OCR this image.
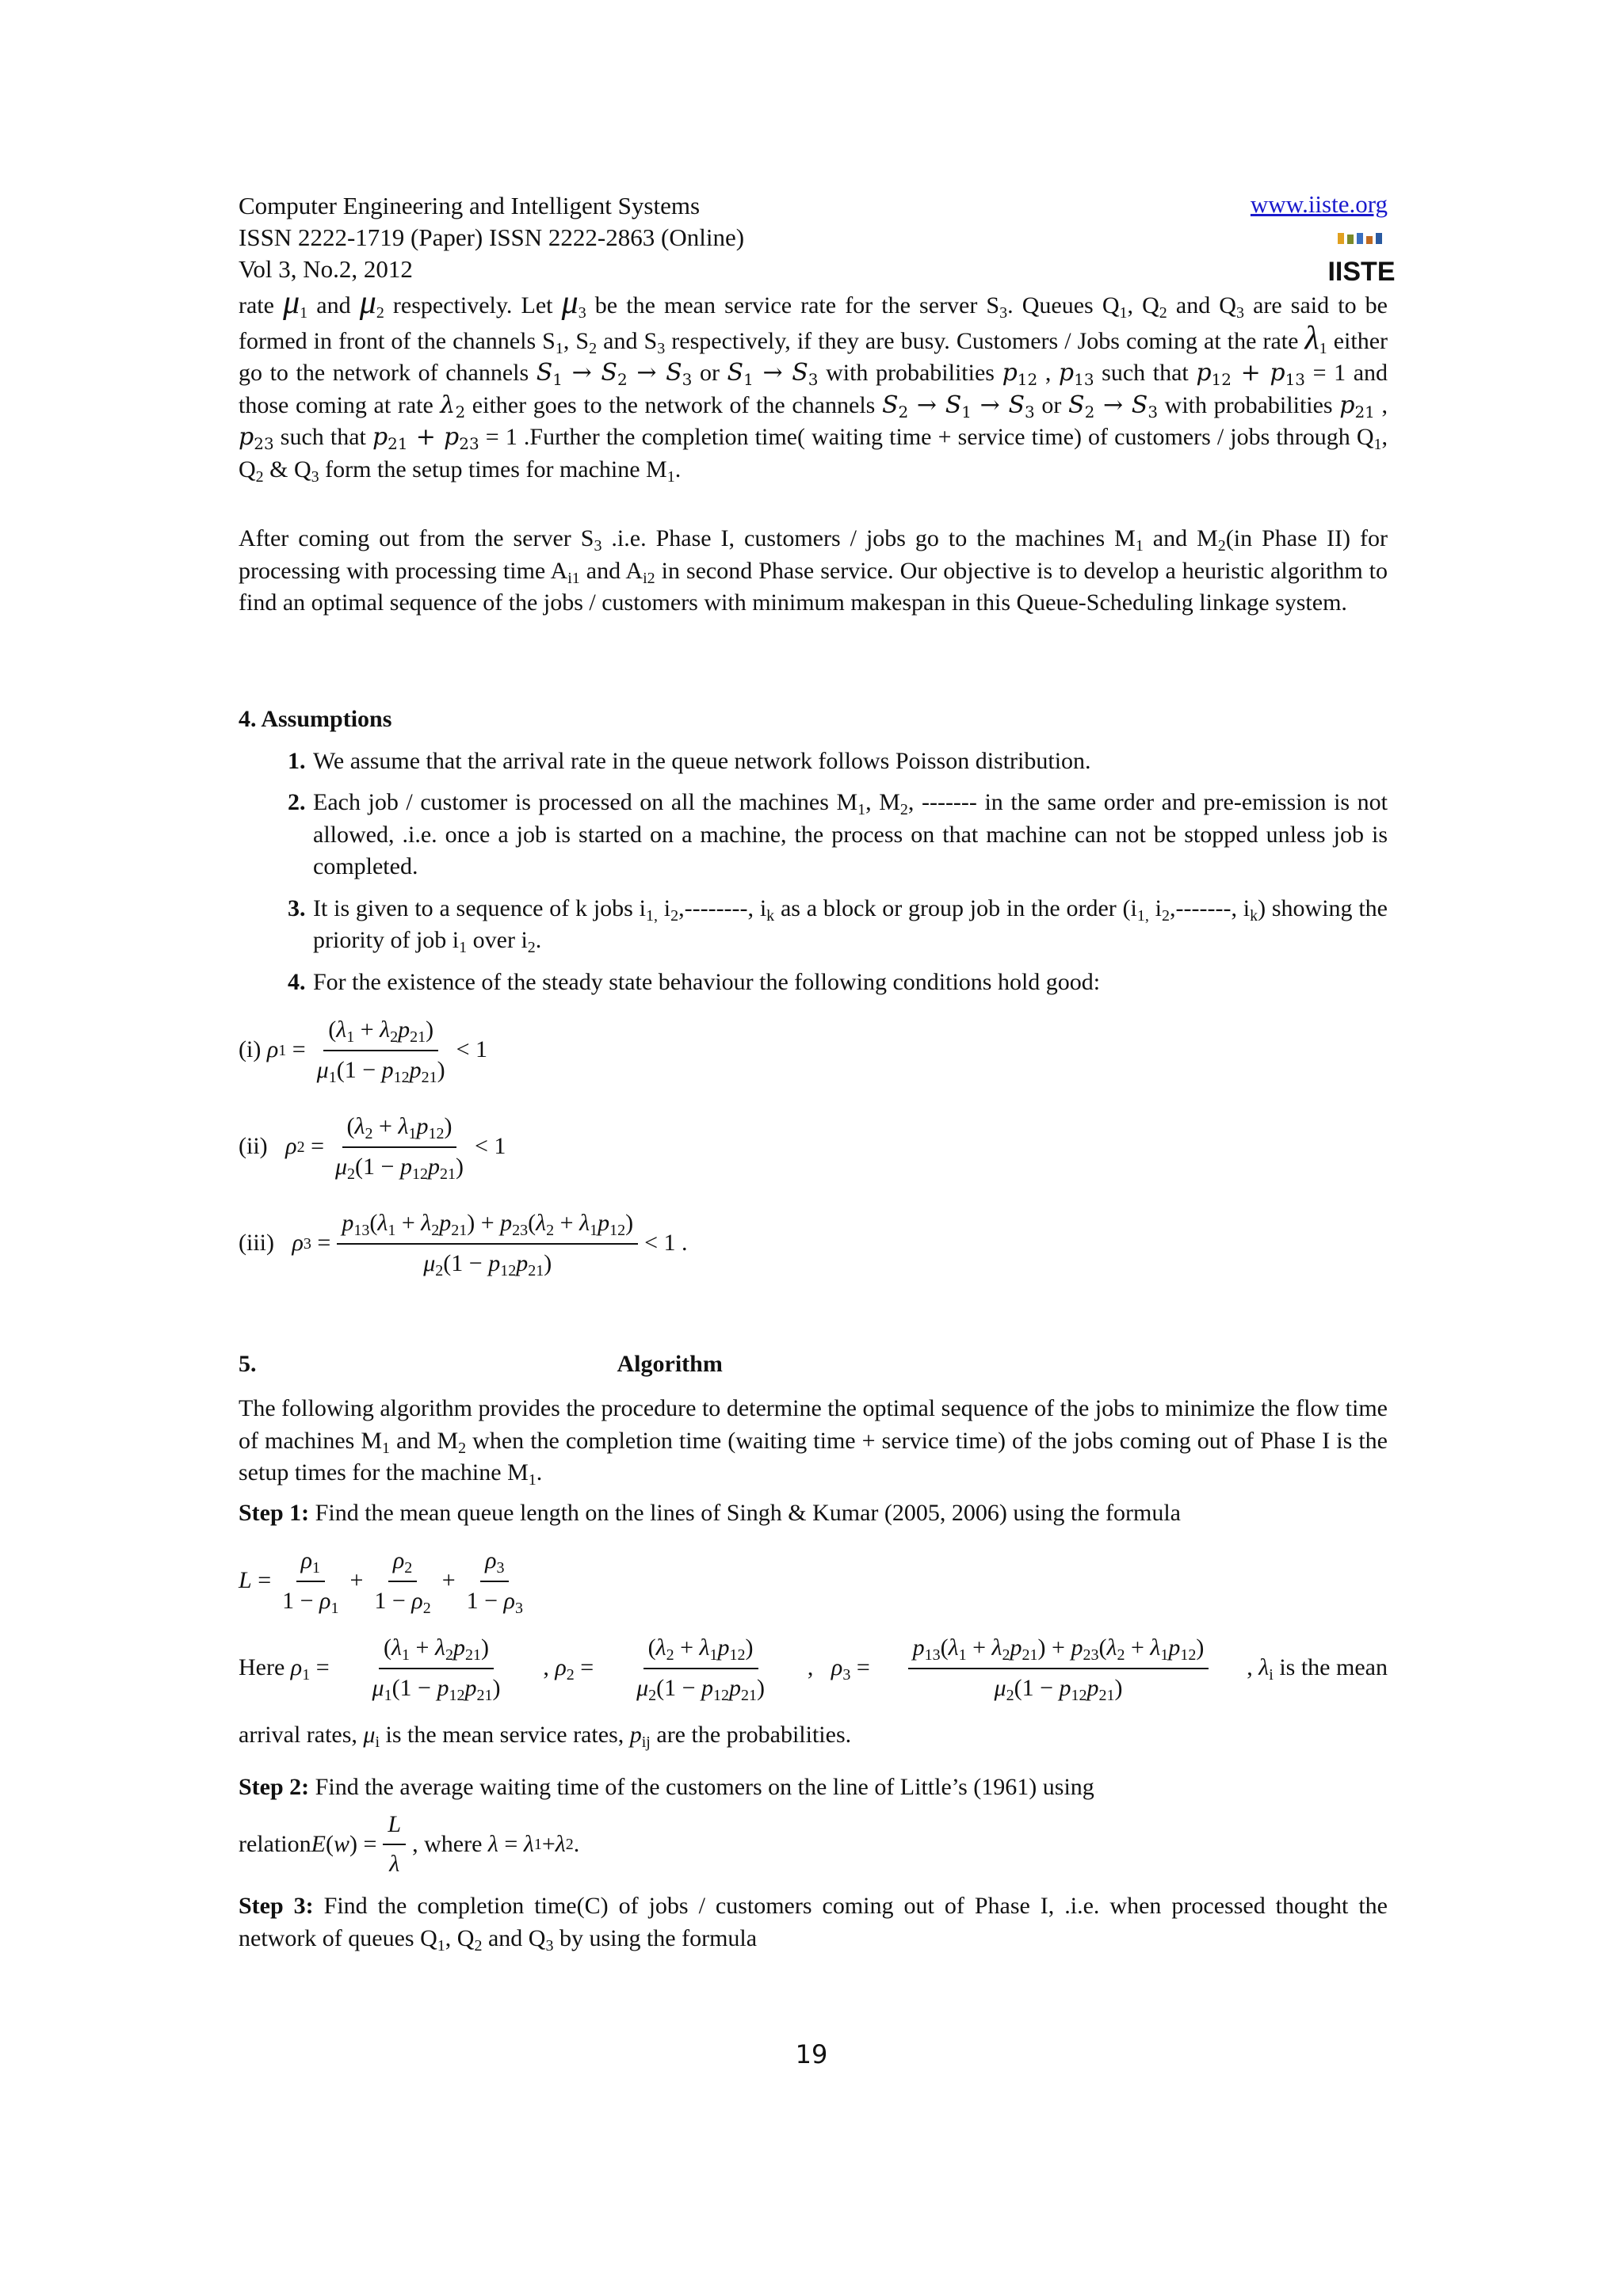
Computer Engineering and Intelligent Systems
ISSN 2222-1719 (Paper) ISSN 2222-2863 (Online)
Vol 3, No.2, 2012
www.iiste.org
IISTE

rate $\mu_1$ and $\mu_2$ respectively. Let $\mu_3$ be the mean service rate for the server $S_3$. Queues $Q_1$, $Q_2$ and $Q_3$ are said to be formed in front of the channels $S_1$, $S_2$ and $S_3$ respectively, if they are busy. Customers / Jobs coming at the rate $\lambda_1$ either go to the network of channels $S_1 \to S_2 \to S_3$ or $S_1 \to S_3$ with probabilities $p_{12}$ , $p_{13}$ such that $p_{12} + p_{13} = 1$ and those coming at rate $\lambda_2$ either goes to the network of the channels $S_2 \to S_1 \to S_3$ or $S_2 \to S_3$ with probabilities $p_{21}$ , $p_{23}$ such that $p_{21} + p_{23} = 1$ .Further the completion time( waiting time + service time) of customers / jobs through $Q_1$, $Q_2$ & $Q_3$ form the setup times for machine $M_1$.

After coming out from the server $S_3$ .i.e. Phase I, customers / jobs go to the machines $M_1$ and $M_2(in$ Phase II) for processing with processing time $A_{i1}$ and $A_{i2}$ in second Phase service. Our objective is to develop a heuristic algorithm to find an optimal sequence of the jobs / customers with minimum makespan in this Queue-Scheduling linkage system.

4. Assumptions
1. We assume that the arrival rate in the queue network follows Poisson distribution.
2. Each job / customer is processed on all the machines $M_1$, $M_2$, ------- in the same order and pre-emission is not allowed, .i.e. once a job is started on a machine, the process on that machine can not be stopped unless job is completed.
3. It is given to a sequence of k jobs $i_{1,}$ $i_2,--------$, $i_k$ as a block or group job in the order ($i_{1,}$ $i_2,-------$, $i_k$) showing the priority of job $i_1$ over $i_2$.
4. For the existence of the steady state behaviour the following conditions hold good:
(i)
ρ $1 = \frac{(\lambda_1 + \lambda_2p_{21})}{\mu_1(1 - p_{12}p_{21})} < 1$
(ii)
ρ $2 = \frac{(\lambda_2 + \lambda_1p_{12})}{\mu_2(1 - p_{12}p_{21})} < 1$
(iii)
ρ $3 = \frac{p_{13}(\lambda_1 + \lambda_2p_{21}) + p_{23}(\lambda_2 + \lambda_1p_{12})}{\mu_2(1 - p_{12}p_{21})} < 1$ .
5.	Algorithm

The following algorithm provides the procedure to determine the optimal sequence of the jobs to minimize the flow time of machines $M_1$ and $M_2$ when the completion time (waiting time + service time) of the jobs coming out of Phase I is the setup times for the machine $M_1$.

Step 1: Find the mean queue length on the lines of Singh & Kumar (2005, 2006) using the formula

$L = \frac{\rho_1}{1 - \rho_1} + \frac{\rho_2}{1 - \rho_2} + \frac{\rho_3}{1 - \rho_3}$
Here $\rho_1 = \frac{(\lambda_1 + \lambda_2p_{21})}{\mu_1(1 - p_{12}p_{21})}$ , $\rho_2 = \frac{(\lambda_2 + \lambda_1p_{12})}{\mu_2(1 - p_{12}p_{21})}$ ,   $\rho_3 = \frac{p_{13}(\lambda_1 + \lambda_2p_{21}) + p_{23}(\lambda_2 + \lambda_1p_{12})}{\mu_2(1 - p_{12}p_{21})}$ , $\lambda_i$ is the mean

arrival rates, $\mu_i$ is the mean service rates, $p_{ij}$ are the probabilities.

Step 2: Find the average waiting time of the customers on the line of Little’s (1961) using

relation E ( w ) = $\frac{L}{\lambda}$ , where
λ = λ 1 + λ 2 .

Step 3: Find the completion time(C) of jobs / customers coming out of Phase I, .i.e. when processed thought the network of queues $Q_1$, $Q_2$ and $Q_3$ by using the formula

19
